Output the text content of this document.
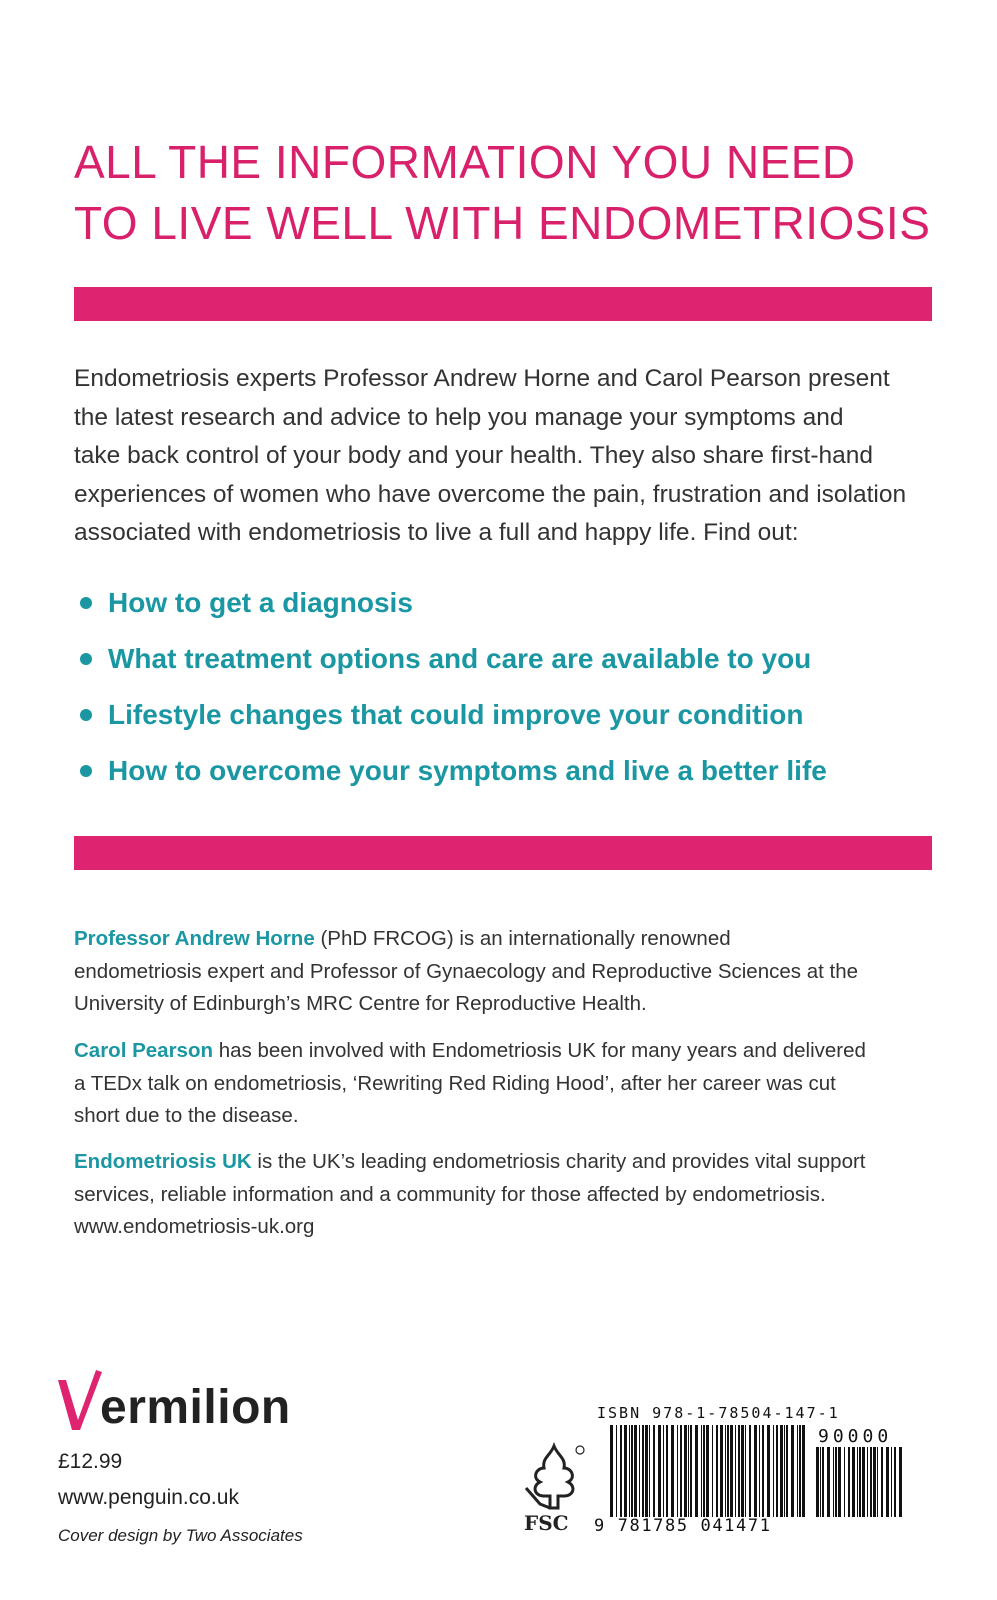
ALL THE INFORMATION YOU NEED
TO LIVE WELL WITH ENDOMETRIOSIS

Endometriosis experts Professor Andrew Horne and Carol Pearson present
the latest research and advice to help you manage your symptoms and
take back control of your body and your health. They also share first-hand
experiences of women who have overcome the pain, frustration and isolation
associated with endometriosis to live a full and happy life. Find out:

How to get a diagnosis
What treatment options and care are available to you
Lifestyle changes that could improve your condition
How to overcome your symptoms and live a better life

Professor Andrew Horne (PhD FRCOG) is an internationally renowned
endometriosis expert and Professor of Gynaecology and Reproductive Sciences at the
University of Edinburgh’s MRC Centre for Reproductive Health.

Carol Pearson has been involved with Endometriosis UK for many years and delivered
a TEDx talk on endometriosis, ‘Rewriting Red Riding Hood’, after her career was cut
short due to the disease.

Endometriosis UK is the UK’s leading endometriosis charity and provides vital support
services, reliable information and a community for those affected by endometriosis.
www.endometriosis-uk.org

ermilion

£12.99

www.penguin.co.uk

Cover design by Two Associates

FSC
ISBN 978-1-78504-147-1
90000
9 781785 041471
